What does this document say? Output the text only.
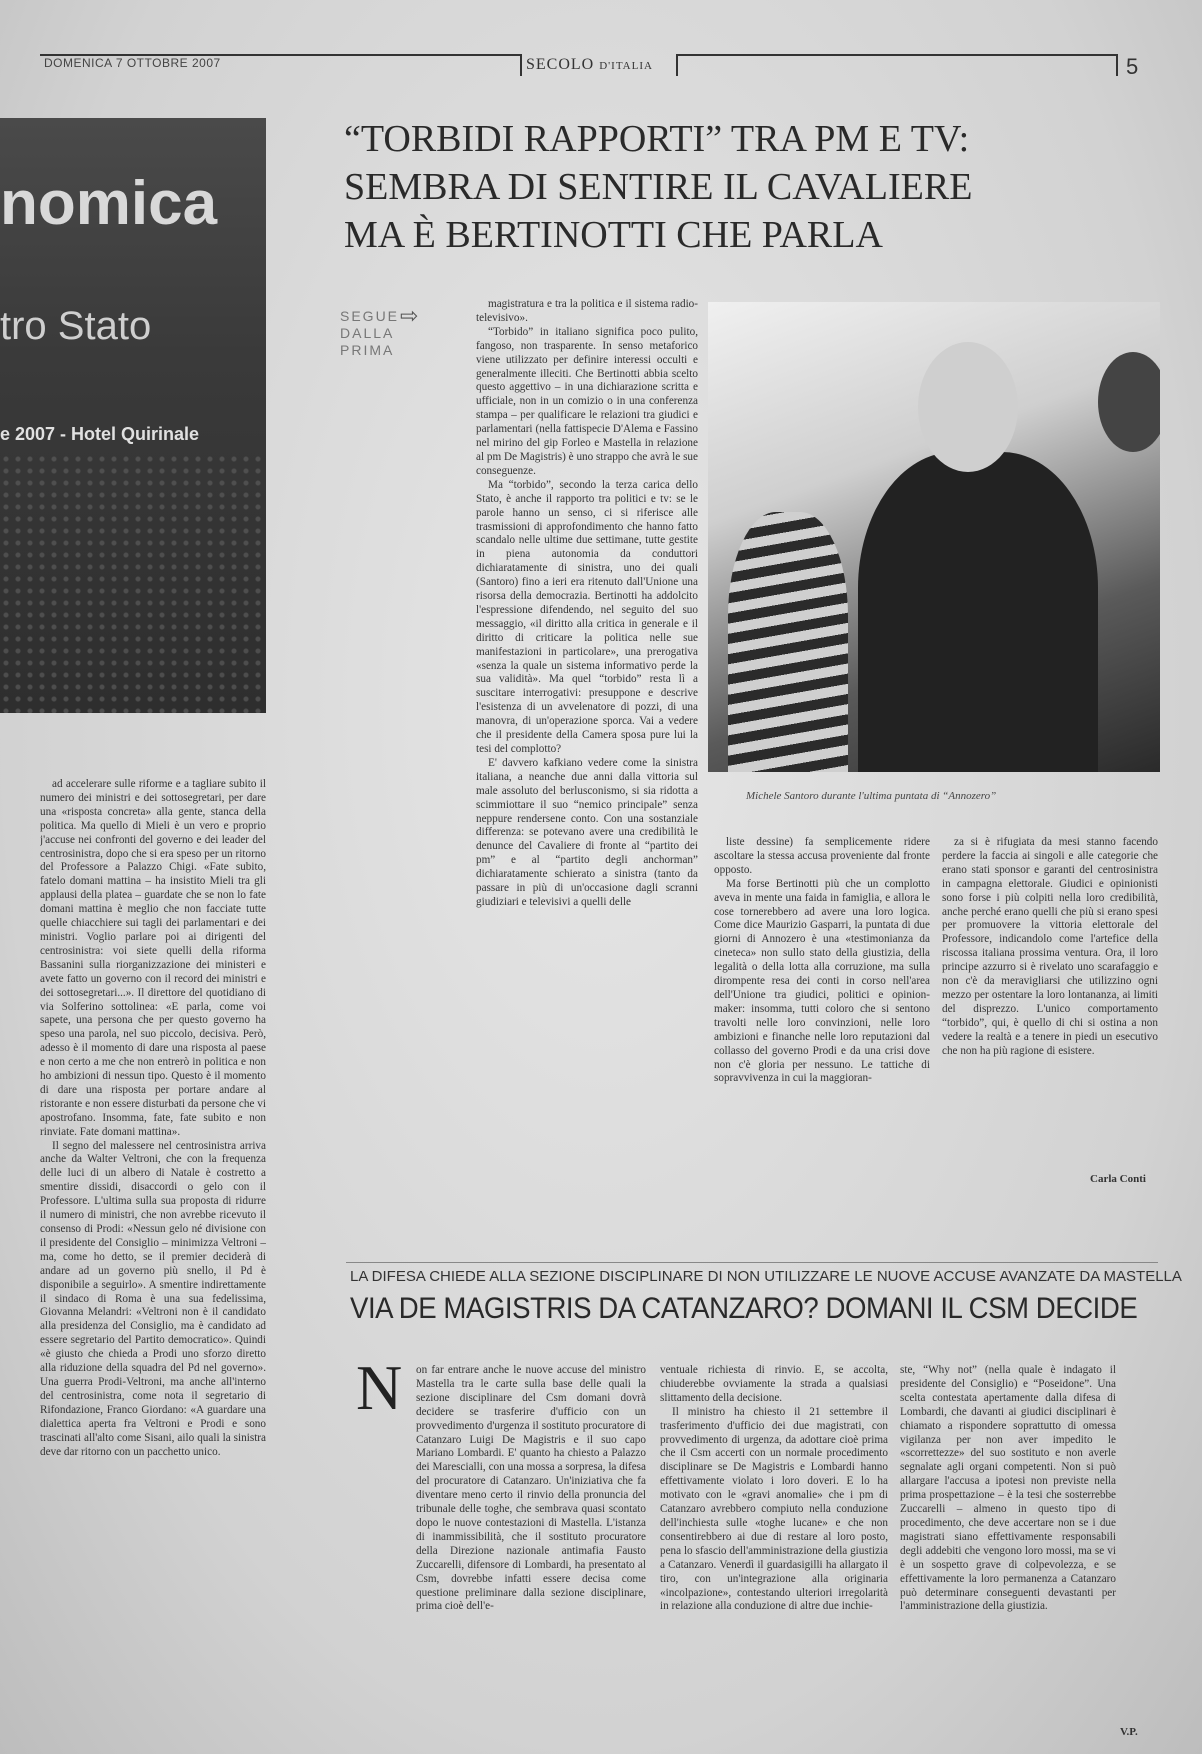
DOMENICA 7 OTTOBRE 2007	SECOLO D'ITALIA	5
nomica
tro Stato
e 2007 - Hotel Quirinale
“TORBIDI RAPPORTI” TRA PM E TV:
SEMBRA DI SENTIRE IL CAVALIERE
MA È BERTINOTTI CHE PARLA
SEGUE
DALLA
PRIMA
⇨	magistratura e tra la politica e il sistema radio-televisivo».

“Torbido” in italiano significa poco pulito, fangoso, non trasparente. In senso metaforico viene utilizzato per definire interessi occulti e generalmente illeciti. Che Bertinotti abbia scelto questo aggettivo – in una dichiarazione scritta e ufficiale, non in un comizio o in una conferenza stampa – per qualificare le relazioni tra giudici e parlamentari (nella fattispecie D'Alema e Fassino nel mirino del gip Forleo e Mastella in relazione al pm De Magistris) è uno strappo che avrà le sue conseguenze.

Ma “torbido”, secondo la terza carica dello Stato, è anche il rapporto tra politici e tv: se le parole hanno un senso, ci si riferisce alle trasmissioni di approfondimento che hanno fatto scandalo nelle ultime due settimane, tutte gestite in piena autonomia da conduttori dichiaratamente di sinistra, uno dei quali (Santoro) fino a ieri era ritenuto dall'Unione una risorsa della democrazia. Bertinotti ha addolcito l'espressione difendendo, nel seguito del suo messaggio, «il diritto alla critica in generale e il diritto di criticare la politica nelle sue manifestazioni in particolare», una prerogativa «senza la quale un sistema informativo perde la sua validità». Ma quel “torbido” resta lì a suscitare interrogativi: presuppone e descrive l'esistenza di un avvelenatore di pozzi, di una manovra, di un'operazione sporca. Vai a vedere che il presidente della Camera sposa pure lui la tesi del complotto?

E' davvero kafkiano vedere come la sinistra italiana, a neanche due anni dalla vittoria sul male assoluto del berlusconismo, si sia ridotta a scimmiottare il suo “nemico principale” senza neppure rendersene conto. Con una sostanziale differenza: se potevano avere una credibilità le denunce del Cavaliere di fronte al “partito dei pm” e al “partito degli anchorman” dichiaratamente schierato a sinistra (tanto da passare in più di un'occasione dagli scranni giudiziari e televisivi a quelli delle

Michele Santoro durante l'ultima puntata di “Annozero”

liste dessine) fa semplicemente ridere ascoltare la stessa accusa proveniente dal fronte opposto.

Ma forse Bertinotti più che un complotto aveva in mente una faida in famiglia, e allora le cose tornerebbero ad avere una loro logica. Come dice Maurizio Gasparri, la puntata di due giorni di Annozero è una «testimonianza da cineteca» non sullo stato della giustizia, della legalità o della lotta alla corruzione, ma sulla dirompente resa dei conti in corso nell'area dell'Unione tra giudici, politici e opinion-maker: insomma, tutti coloro che si sentono travolti nelle loro convinzioni, nelle loro ambizioni e finanche nelle loro reputazioni dal collasso del governo Prodi e da una crisi dove non c'è gloria per nessuno. Le tattiche di sopravvivenza in cui la maggioran-

za si è rifugiata da mesi stanno facendo perdere la faccia ai singoli e alle categorie che erano stati sponsor e garanti del centrosinistra in campagna elettorale. Giudici e opinionisti sono forse i più colpiti nella loro credibilità, anche perché erano quelli che più si erano spesi per promuovere la vittoria elettorale del Professore, indicandolo come l'artefice della riscossa italiana prossima ventura. Ora, il loro principe azzurro si è rivelato uno scarafaggio e non c'è da meravigliarsi che utilizzino ogni mezzo per ostentare la loro lontananza, ai limiti del disprezzo. L'unico comportamento “torbido”, qui, è quello di chi si ostina a non vedere la realtà e a tenere in piedi un esecutivo che non ha più ragione di esistere.

Carla Conti

ad accelerare sulle riforme e a tagliare subito il numero dei ministri e dei sottosegretari, per dare una «risposta concreta» alla gente, stanca della politica. Ma quello di Mieli è un vero e proprio j'accuse nei confronti del governo e dei leader del centrosinistra, dopo che si era speso per un ritorno del Professore a Palazzo Chigi. «Fate subito, fatelo domani mattina – ha insistito Mieli tra gli applausi della platea – guardate che se non lo fate domani mattina è meglio che non facciate tutte quelle chiacchiere sui tagli dei parlamentari e dei ministri. Voglio parlare poi ai dirigenti del centrosinistra: voi siete quelli della riforma Bassanini sulla riorganizzazione dei ministeri e avete fatto un governo con il record dei ministri e dei sottosegretari...». Il direttore del quotidiano di via Solferino sottolinea: «E parla, come voi sapete, una persona che per questo governo ha speso una parola, nel suo piccolo, decisiva. Però, adesso è il momento di dare una risposta al paese e non certo a me che non entrerò in politica e non ho ambizioni di nessun tipo. Questo è il momento di dare una risposta per portare andare al ristorante e non essere disturbati da persone che vi apostrofano. Insomma, fate, fate subito e non rinviate. Fate domani mattina».

Il segno del malessere nel centrosinistra arriva anche da Walter Veltroni, che con la frequenza delle luci di un albero di Natale è costretto a smentire dissidi, disaccordi o gelo con il Professore. L'ultima sulla sua proposta di ridurre il numero di ministri, che non avrebbe ricevuto il consenso di Prodi: «Nessun gelo né divisione con il presidente del Consiglio – minimizza Veltroni – ma, come ho detto, se il premier deciderà di andare ad un governo più snello, il Pd è disponibile a seguirlo». A smentire indirettamente il sindaco di Roma è una sua fedelissima, Giovanna Melandri: «Veltroni non è il candidato alla presidenza del Consiglio, ma è candidato ad essere segretario del Partito democratico». Quindi «è giusto che chieda a Prodi uno sforzo diretto alla riduzione della squadra del Pd nel governo». Una guerra Prodi-Veltroni, ma anche all'interno del centrosinistra, come nota il segretario di Rifondazione, Franco Giordano: «A guardare una dialettica aperta fra Veltroni e Prodi e sono trascinati all'alto come Sisani, ailo quali la sinistra deve dar ritorno con un pacchetto unico.

LA DIFESA CHIEDE ALLA SEZIONE DISCIPLINARE DI NON UTILIZZARE LE NUOVE ACCUSE AVANZATE DA MASTELLA
VIA DE MAGISTRIS DA CATANZARO? DOMANI IL CSM DECIDE
N on far entrare anche le nuove accuse del ministro Mastella tra le carte sulla base delle quali la sezione disciplinare del Csm domani dovrà decidere se trasferire d'ufficio con un provvedimento d'urgenza il sostituto procuratore di Catanzaro Luigi De Magistris e il suo capo Mariano Lombardi. E' quanto ha chiesto a Palazzo dei Marescialli, con una mossa a sorpresa, la difesa del procuratore di Catanzaro. Un'iniziativa che fa diventare meno certo il rinvio della pronuncia del tribunale delle toghe, che sembrava quasi scontato dopo le nuove contestazioni di Mastella. L'istanza di inammissibilità, che il sostituto procuratore della Direzione nazionale antimafia Fausto Zuccarelli, difensore di Lombardi, ha presentato al Csm, dovrebbe infatti essere decisa come questione preliminare dalla sezione disciplinare, prima cioè dell'e-

ventuale richiesta di rinvio. E, se accolta, chiuderebbe ovviamente la strada a qualsiasi slittamento della decisione.

Il ministro ha chiesto il 21 settembre il trasferimento d'ufficio dei due magistrati, con provvedimento di urgenza, da adottare cioè prima che il Csm accerti con un normale procedimento disciplinare se De Magistris e Lombardi hanno effettivamente violato i loro doveri. E lo ha motivato con le «gravi anomalie» che i pm di Catanzaro avrebbero compiuto nella conduzione dell'inchiesta sulle «toghe lucane» e che non consentirebbero ai due di restare al loro posto, pena lo sfascio dell'amministrazione della giustizia a Catanzaro. Venerdì il guardasigilli ha allargato il tiro, con un'integrazione alla originaria «incolpazione», contestando ulteriori irregolarità in relazione alla conduzione di altre due inchie-

ste, “Why not” (nella quale è indagato il presidente del Consiglio) e “Poseidone”. Una scelta contestata apertamente dalla difesa di Lombardi, che davanti ai giudici disciplinari è chiamato a rispondere soprattutto di omessa vigilanza per non aver impedito le «scorrettezze» del suo sostituto e non averle segnalate agli organi competenti. Non si può allargare l'accusa a ipotesi non previste nella prima prospettazione – è la tesi che sosterrebbe Zuccarelli – almeno in questo tipo di procedimento, che deve accertare non se i due magistrati siano effettivamente responsabili degli addebiti che vengono loro mossi, ma se vi è un sospetto grave di colpevolezza, e se effettivamente la loro permanenza a Catanzaro può determinare conseguenti devastanti per l'amministrazione della giustizia.

V.P.
